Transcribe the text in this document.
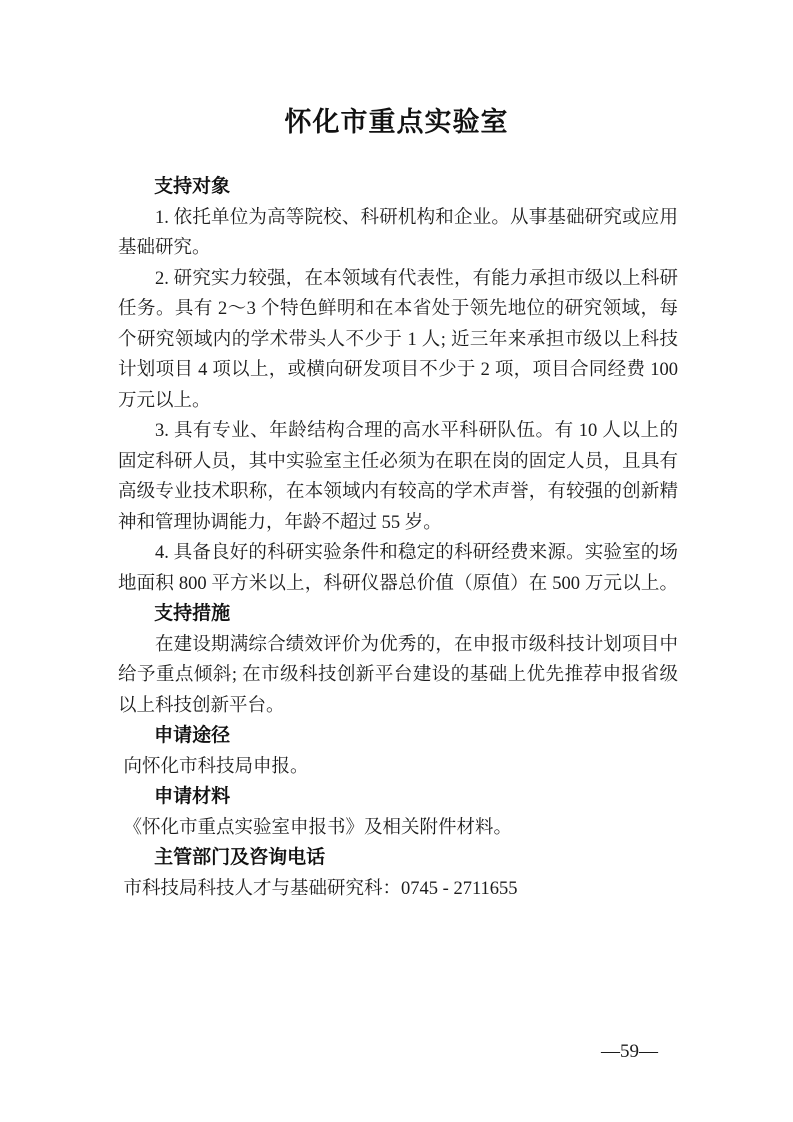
怀化市重点实验室
支持对象
1. 依托单位为高等院校、科研机构和企业。从事基础研究或应用
基础研究。
2. 研究实力较强，在本领域有代表性，有能力承担市级以上科研
任务。具有 2～3 个特色鲜明和在本省处于领先地位的研究领域，每
个研究领域内的学术带头人不少于 1 人; 近三年来承担市级以上科技
计划项目 4 项以上，或横向研发项目不少于 2 项，项目合同经费 100
万元以上。
3. 具有专业、年龄结构合理的高水平科研队伍。有 10 人以上的
固定科研人员，其中实验室主任必须为在职在岗的固定人员，且具有
高级专业技术职称，在本领域内有较高的学术声誉，有较强的创新精
神和管理协调能力，年龄不超过 55 岁。
4. 具备良好的科研实验条件和稳定的科研经费来源。实验室的场
地面积 800 平方米以上，科研仪器总价值（原值）在 500 万元以上。
支持措施
在建设期满综合绩效评价为优秀的，在申报市级科技计划项目中
给予重点倾斜; 在市级科技创新平台建设的基础上优先推荐申报省级
以上科技创新平台。
申请途径
向怀化市科技局申报。
申请材料
《怀化市重点实验室申报书》及相关附件材料。
主管部门及咨询电话
市科技局科技人才与基础研究科：0745 - 2711655
—59—
